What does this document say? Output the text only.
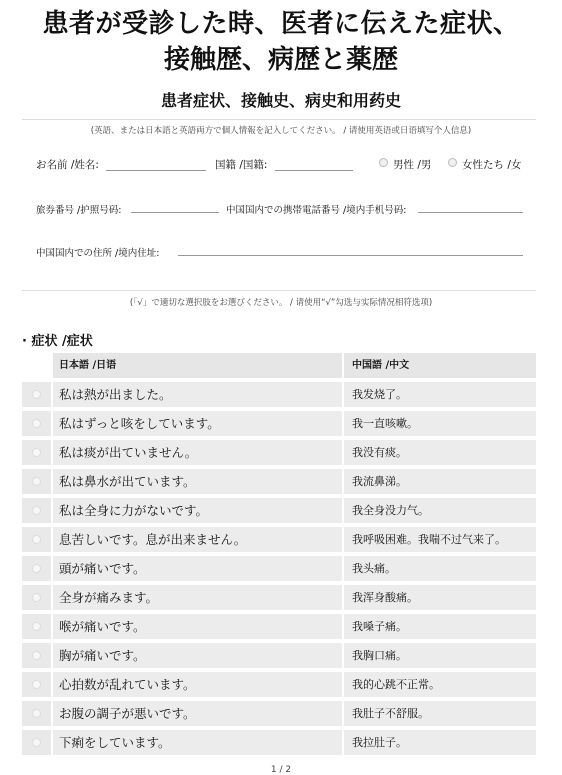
患者が受診した時、医者に伝えた症状、
接触歴、病歴と薬歴
患者症状、接触史、病史和用药史
(英語、または日本語と英語両方で個人情報を記入してください。 / 请使用英语或日语填写个人信息)
お名前 /姓名:	国籍 /国籍:	男性 /男	女性たち /女
旅券番号 /护照号码:	中国国内での携帯電話番号 /境内手机号码:
中国国内での住所 /境内住址:
(「√」で適切な選択肢をお選びください。 / 请使用“√”勾选与实际情况相符选项)
· 症状 /症状
日本語 /日语	中国語 /中文
私は熱が出ました。	我发烧了。
私はずっと咳をしています。	我一直咳嗽。
私は痰が出ていません。	我没有痰。
私は鼻水が出ています。	我流鼻涕。
私は全身に力がないです。	我全身没力气。
息苦しいです。息が出来ません。	我呼吸困难。我喘不过气来了。
頭が痛いです。	我头痛。
全身が痛みます。	我浑身酸痛。
喉が痛いです。	我嗓子痛。
胸が痛いです。	我胸口痛。
心拍数が乱れています。	我的心跳不正常。
お腹の調子が悪いです。	我肚子不舒服。
下痢をしています。	我拉肚子。
1 / 2
